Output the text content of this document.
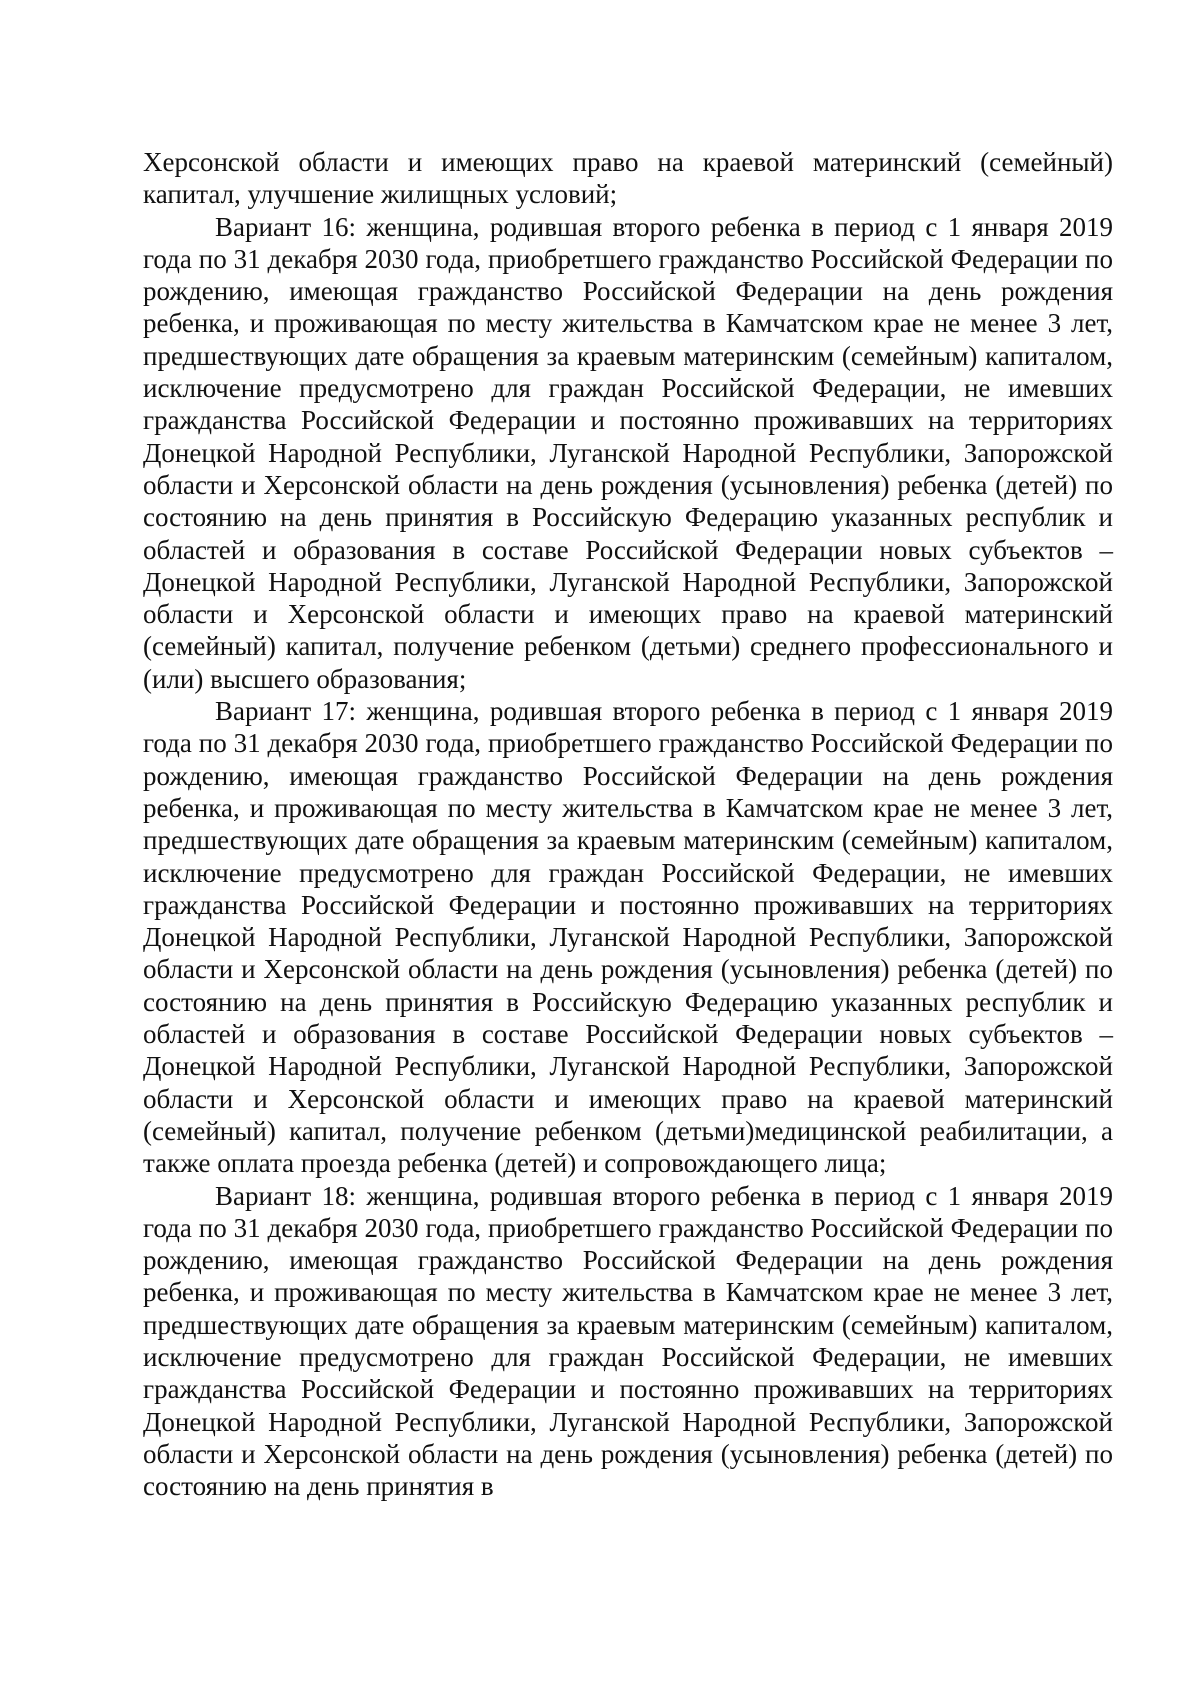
Херсонской области и имеющих право на краевой материнский (семейный) капитал, улучшение жилищных условий;

Вариант 16: женщина, родившая второго ребенка в период с 1 января 2019 года по 31 декабря 2030 года, приобретшего гражданство Российской Федерации по рождению, имеющая гражданство Российской Федерации на день рождения ребенка, и проживающая по месту жительства в Камчатском крае не менее 3 лет, предшествующих дате обращения за краевым материнским (семейным) капиталом, исключение предусмотрено для граждан Российской Федерации, не имевших гражданства Российской Федерации и постоянно проживавших на территориях Донецкой Народной Республики, Луганской Народной Республики, Запорожской области и Херсонской области на день рождения (усыновления) ребенка (детей) по состоянию на день принятия в Российскую Федерацию указанных республик и областей и образования в составе Российской Федерации новых субъектов – Донецкой Народной Республики, Луганской Народной Республики, Запорожской области и Херсонской области и имеющих право на краевой материнский (семейный) капитал, получение ребенком (детьми) среднего профессионального и (или) высшего образования;

Вариант 17: женщина, родившая второго ребенка в период с 1 января 2019 года по 31 декабря 2030 года, приобретшего гражданство Российской Федерации по рождению, имеющая гражданство Российской Федерации на день рождения ребенка, и проживающая по месту жительства в Камчатском крае не менее 3 лет, предшествующих дате обращения за краевым материнским (семейным) капиталом, исключение предусмотрено для граждан Российской Федерации, не имевших гражданства Российской Федерации и постоянно проживавших на территориях Донецкой Народной Республики, Луганской Народной Республики, Запорожской области и Херсонской области на день рождения (усыновления) ребенка (детей) по состоянию на день принятия в Российскую Федерацию указанных республик и областей и образования в составе Российской Федерации новых субъектов – Донецкой Народной Республики, Луганской Народной Республики, Запорожской области и Херсонской области и имеющих право на краевой материнский (семейный) капитал, получение ребенком (детьми)медицинской реабилитации, а также оплата проезда ребенка (детей) и сопровождающего лица;

Вариант 18: женщина, родившая второго ребенка в период с 1 января 2019 года по 31 декабря 2030 года, приобретшего гражданство Российской Федерации по рождению, имеющая гражданство Российской Федерации на день рождения ребенка, и проживающая по месту жительства в Камчатском крае не менее 3 лет, предшествующих дате обращения за краевым материнским (семейным) капиталом, исключение предусмотрено для граждан Российской Федерации, не имевших гражданства Российской Федерации и постоянно проживавших на территориях Донецкой Народной Республики, Луганской Народной Республики, Запорожской области и Херсонской области на день рождения (усыновления) ребенка (детей) по состоянию на день принятия в
